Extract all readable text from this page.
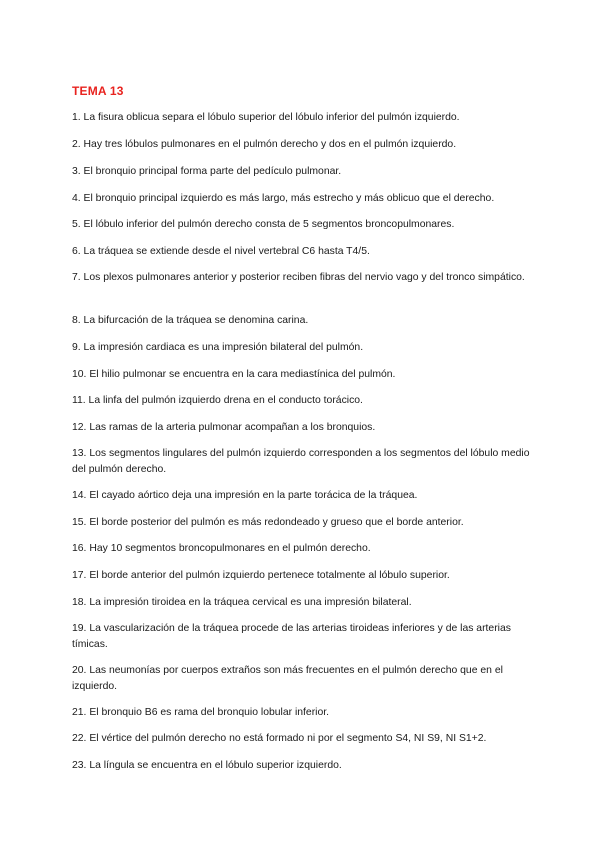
TEMA 13
1. La fisura oblicua separa el lóbulo superior del lóbulo inferior del pulmón izquierdo.
2. Hay tres lóbulos pulmonares en el pulmón derecho y dos en el pulmón izquierdo.
3. El bronquio principal forma parte del pedículo pulmonar.
4. El bronquio principal izquierdo es más largo, más estrecho y más oblicuo que el derecho.
5. El lóbulo inferior del pulmón derecho consta de 5 segmentos broncopulmonares.
6. La tráquea se extiende desde el nivel vertebral C6 hasta T4/5.
7. Los plexos pulmonares anterior y posterior reciben fibras del nervio vago y del tronco simpático.
8. La bifurcación de la tráquea se denomina carina.
9. La impresión cardiaca es una impresión bilateral del pulmón.
10. El hilio pulmonar se encuentra en la cara mediastínica del pulmón.
11. La linfa del pulmón izquierdo drena en el conducto torácico.
12. Las ramas de la arteria pulmonar acompañan a los bronquios.
13. Los segmentos lingulares del pulmón izquierdo corresponden a los segmentos del lóbulo medio del pulmón derecho.
14. El cayado aórtico deja una impresión en la parte torácica de la tráquea.
15. El borde posterior del pulmón es más redondeado y grueso que el borde anterior.
16. Hay 10 segmentos broncopulmonares en el pulmón derecho.
17. El borde anterior del pulmón izquierdo pertenece totalmente al lóbulo superior.
18. La impresión tiroidea en la tráquea cervical es una impresión bilateral.
19. La vascularización de la tráquea procede de las arterias tiroideas inferiores y de las arterias tímicas.
20. Las neumonías por cuerpos extraños son más frecuentes en el pulmón derecho que en el izquierdo.
21. El bronquio B6 es rama del bronquio lobular inferior.
22. El vértice del pulmón derecho no está formado ni por el segmento S4, NI S9, NI S1+2.
23. La língula se encuentra en el lóbulo superior izquierdo.
